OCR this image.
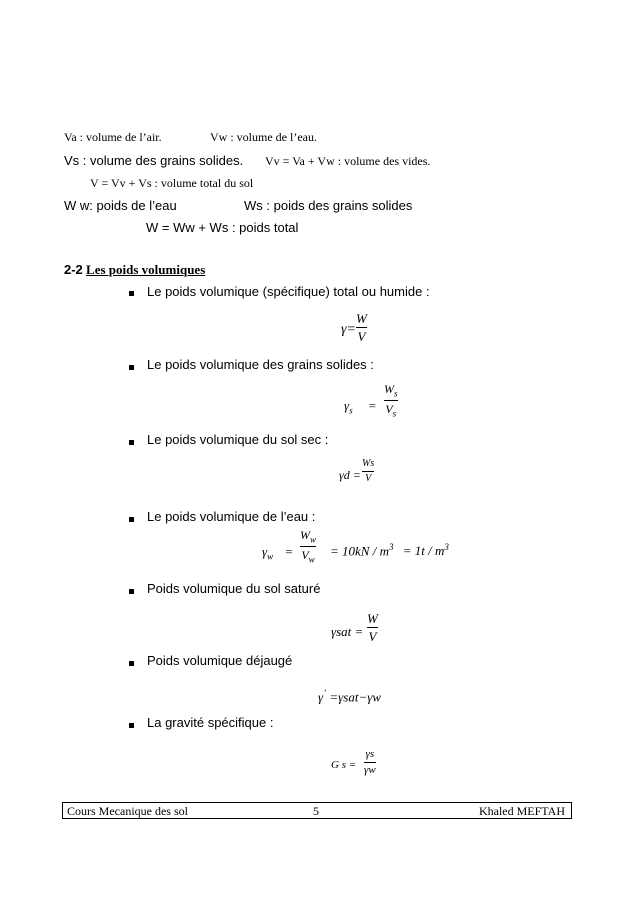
Va : volume de l’air.	Vw : volume de l’eau.
Vs : volume des grains solides. Vv = Va + Vw : volume des vides.
V = Vv + Vs : volume total du sol
W w: poids de l’eau	Ws : poids des grains solides
W = Ww + Ws : poids total
2-2 Les poids volumiques
Le poids volumique (spécifique) total ou humide :
γ=
W
V
Le poids volumique des grains solides :
$\gamma_s$ =
$W_s$
$V_s$
Le poids volumique du sol sec :
γd =
Ws
V
Le poids volumique de l’eau :
$\gamma_w$ =
$W_w$
$V_w$
= $10kN / m^3 = 1t / m^3$
Poids volumique du sol saturé
γsat =
W
V
Poids volumique déjaugé
γ’ =γsat−γw
La gravité spécifique :
G s =
γs
γw
Cours Mecanique des sol	5	Khaled MEFTAH
